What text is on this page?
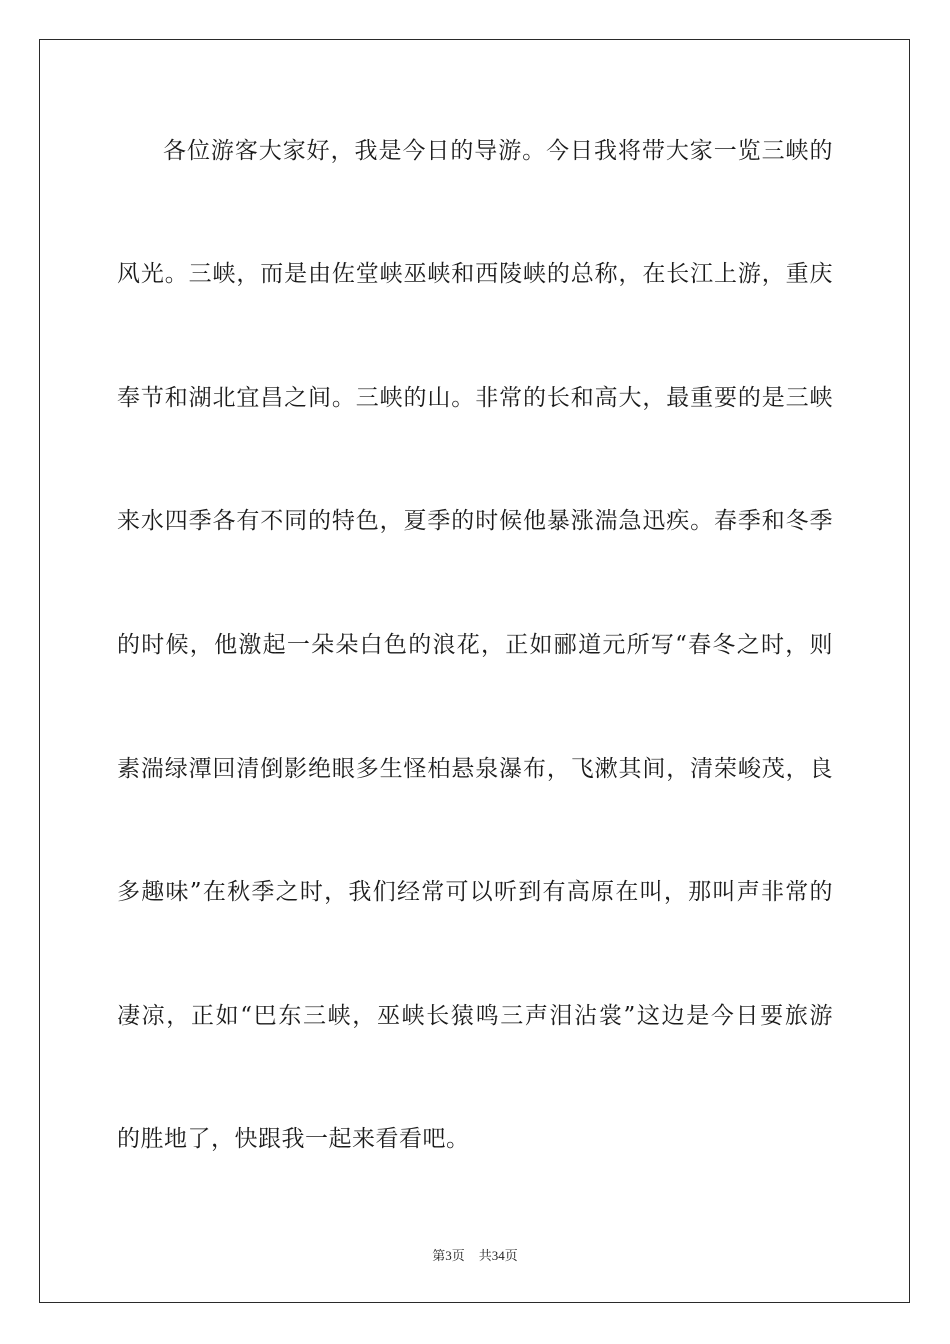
各位游客大家好，我是今日的导游。今日我将带大家一览三峡的
风光。三峡，而是由佐堂峡巫峡和西陵峡的总称，在长江上游，重庆
奉节和湖北宜昌之间。三峡的山。非常的长和高大，最重要的是三峡
来水四季各有不同的特色，夏季的时候他暴涨湍急迅疾。春季和冬季
的时候，他激起一朵朵白色的浪花，正如郦道元所写“春冬之时，则
素湍绿潭回清倒影绝眼多生怪柏悬泉瀑布，飞漱其间，清荣峻茂，良
多趣味”在秋季之时，我们经常可以听到有高原在叫，那叫声非常的
凄凉，正如“巴东三峡，巫峡长猿鸣三声泪沾裳”这边是今日要旅游
的胜地了，快跟我一起来看看吧。
第3页 共34页
